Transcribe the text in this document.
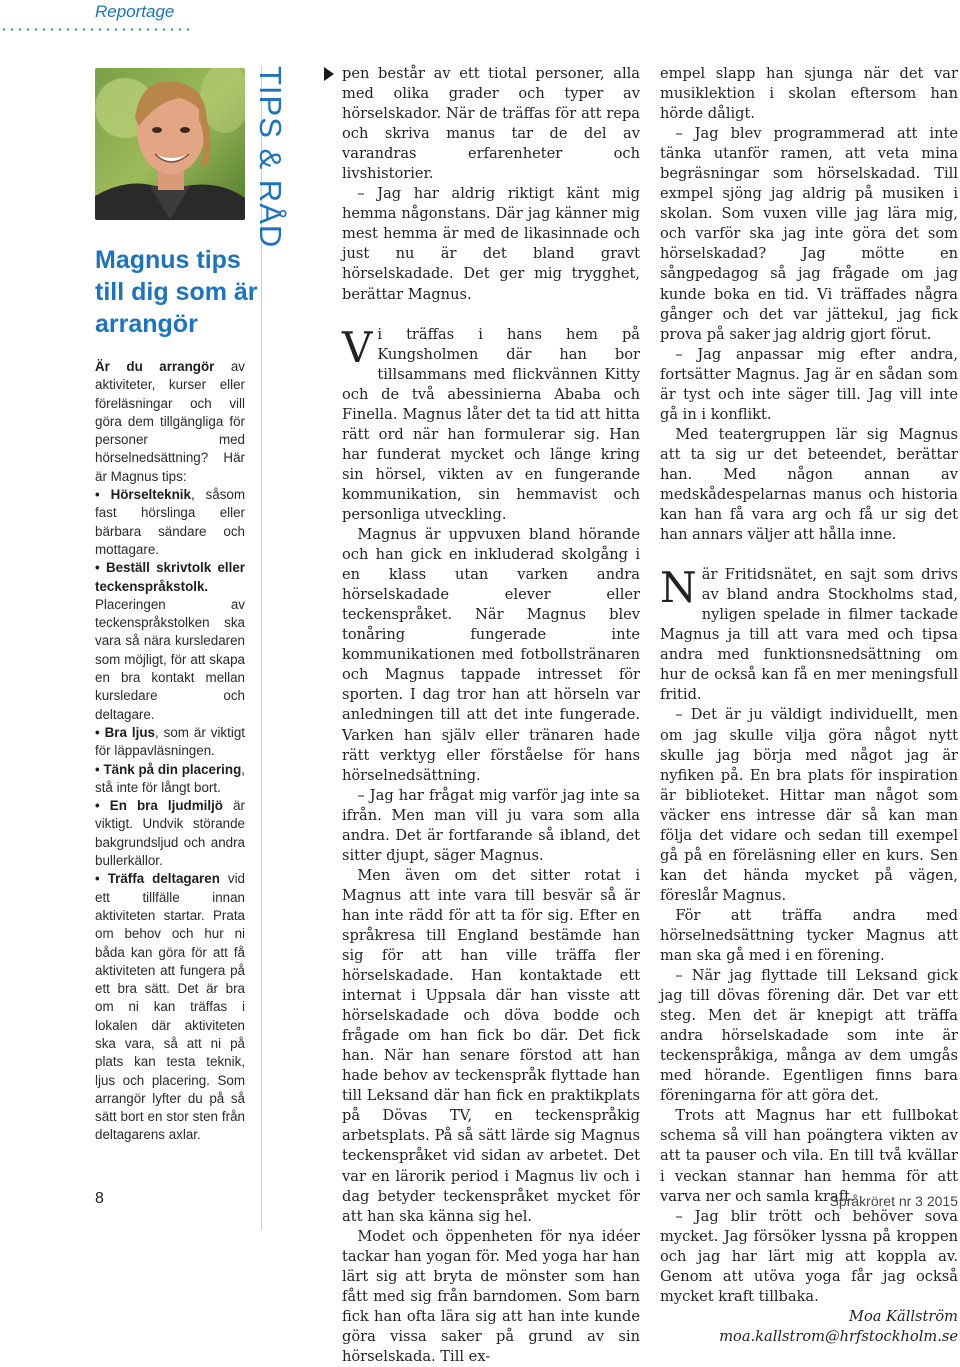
Reportage
TIPS & RÅD
Magnus tips till dig som är arrangör

Är du arrangör av aktiviteter, kurser eller föreläsningar och vill göra dem tillgängliga för personer med hörselnedsättning? Här är Magnus tips:

• Hörselteknik, såsom fast hörslinga eller bärbara sändare och mottagare.

• Beställ skrivtolk eller teckenspråkstolk. Placeringen av teckenspråkstolken ska vara så nära kursledaren som möjligt, för att skapa en bra kontakt mellan kursledare och deltagare.

• Bra ljus, som är viktigt för läppavläsningen.

• Tänk på din placering, stå inte för långt bort.

• En bra ljudmiljö är viktigt. Undvik störande bakgrundsljud och andra bullerkällor.

• Träffa deltagaren vid ett tillfälle innan aktiviteten startar. Prata om behov och hur ni båda kan göra för att få aktiviteten att fungera på ett bra sätt. Det är bra om ni kan träffas i lokalen där aktiviteten ska vara, så att ni på plats kan testa teknik, ljus och placering. Som arrangör lyfter du på så sätt bort en stor sten från deltagarens axlar.

pen består av ett tiotal personer, alla med olika grader och typer av hörselskador. När de träffas för att repa och skriva manus tar de del av varandras erfarenheter och livshistorier.

– Jag har aldrig riktigt känt mig hemma någonstans. Där jag känner mig mest hemma är med de likasinnade och just nu är det bland gravt hörselskadade. Det ger mig trygghet, berättar Magnus.

Vi träffas i hans hem på Kungsholmen där han bor tillsammans med flickvännen Kitty och de två abessinierna Ababa och Finella. Magnus låter det ta tid att hitta rätt ord när han formulerar sig. Han har funderat mycket och länge kring sin hörsel, vikten av en fungerande kommunikation, sin hemmavist och personliga utveckling.

Magnus är uppvuxen bland hörande och han gick en inkluderad skolgång i en klass utan varken andra hörselskadade elever eller teckenspråket. När Magnus blev tonåring fungerade inte kommunikationen med fotbollstränaren och Magnus tappade intresset för sporten. I dag tror han att hörseln var anledningen till att det inte fungerade. Varken han själv eller tränaren hade rätt verktyg eller förståelse för hans hörselnedsättning.

– Jag har frågat mig varför jag inte sa ifrån. Men man vill ju vara som alla andra. Det är fortfarande så ibland, det sitter djupt, säger Magnus.

Men även om det sitter rotat i Magnus att inte vara till besvär så är han inte rädd för att ta för sig. Efter en språkresa till England bestämde han sig för att han ville träffa fler hörselskadade. Han kontaktade ett internat i Uppsala där han visste att hörselskadade och döva bodde och frågade om han fick bo där. Det fick han. När han senare förstod att han hade behov av teckenspråk flyttade han till Leksand där han fick en praktikplats på Dövas TV, en teckenspråkig arbetsplats. På så sätt lärde sig Magnus teckenspråket vid sidan av arbetet. Det var en lärorik period i Magnus liv och i dag betyder teckenspråket mycket för att han ska känna sig hel.

Modet och öppenheten för nya idéer tackar han yogan för. Med yoga har han lärt sig att bryta de mönster som han fått med sig från barndomen. Som barn fick han ofta lära sig att han inte kunde göra vissa saker på grund av sin hörselskada. Till ex-

empel slapp han sjunga när det var musiklektion i skolan eftersom han hörde dåligt.

– Jag blev programmerad att inte tänka utanför ramen, att veta mina begräsningar som hörselskadad. Till exmpel sjöng jag aldrig på musiken i skolan. Som vuxen ville jag lära mig, och varför ska jag inte göra det som hörselskadad? Jag mötte en sångpedagog så jag frågade om jag kunde boka en tid. Vi träffades några gånger och det var jättekul, jag fick prova på saker jag aldrig gjort förut.

– Jag anpassar mig efter andra, fortsätter Magnus. Jag är en sådan som är tyst och inte säger till. Jag vill inte gå in i konflikt.

Med teatergruppen lär sig Magnus att ta sig ur det beteendet, berättar han. Med någon annan av medskådespelarnas manus och historia kan han få vara arg och få ur sig det han annars väljer att hålla inne.

När Fritidsnätet, en sajt som drivs av bland andra Stockholms stad, nyligen spelade in filmer tackade Magnus ja till att vara med och tipsa andra med funktionsnedsättning om hur de också kan få en mer meningsfull fritid.

– Det är ju väldigt individuellt, men om jag skulle vilja göra något nytt skulle jag börja med något jag är nyfiken på. En bra plats för inspiration är biblioteket. Hittar man något som väcker ens intresse där så kan man följa det vidare och sedan till exempel gå på en föreläsning eller en kurs. Sen kan det hända mycket på vägen, föreslår Magnus.

För att träffa andra med hörselnedsättning tycker Magnus att man ska gå med i en förening.

– När jag flyttade till Leksand gick jag till dövas förening där. Det var ett steg. Men det är knepigt att träffa andra hörselskadade som inte är teckenspråkiga, många av dem umgås med hörande. Egentligen finns bara föreningarna för att göra det.

Trots att Magnus har ett fullbokat schema så vill han poängtera vikten av att ta pauser och vila. En till två kvällar i veckan stannar han hemma för att varva ner och samla kraft.

– Jag blir trött och behöver sova mycket. Jag försöker lyssna på kroppen och jag har lärt mig att koppla av. Genom att utöva yoga får jag också mycket kraft tillbaka.

Moa Källström

moa.kallstrom@hrfstockholm.se

8	Språkröret nr 3 2015
